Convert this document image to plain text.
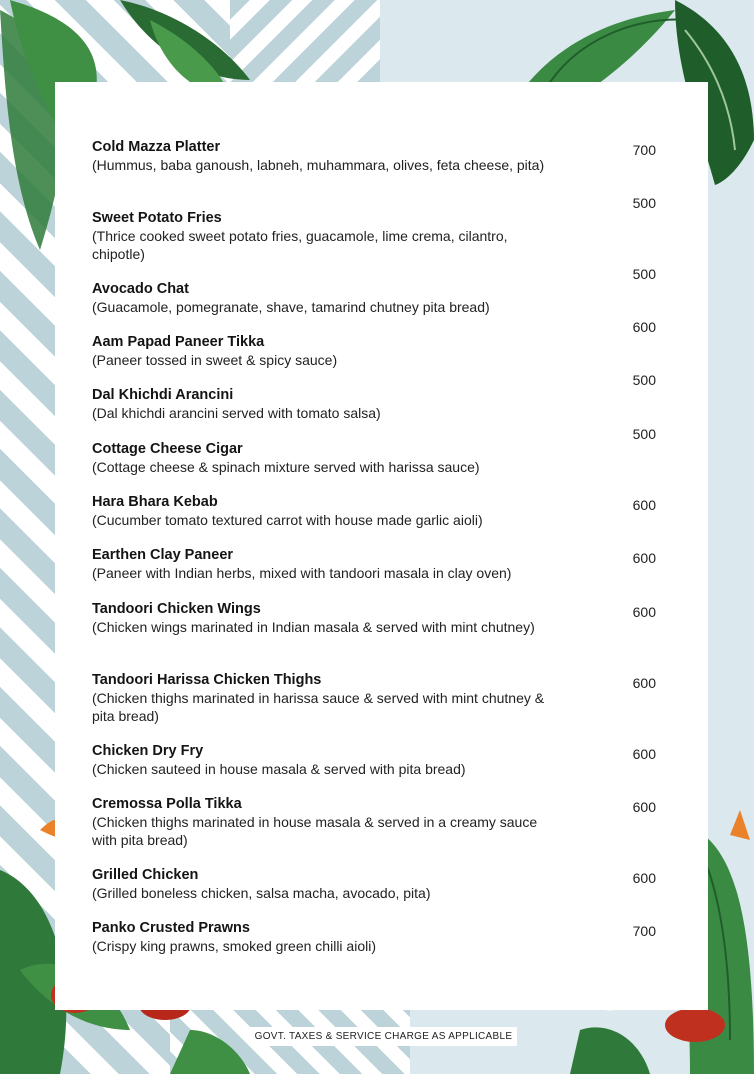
Cold Mazza Platter
(Hummus, baba ganoush, labneh, muhammara, olives, feta cheese, pita)
700
Sweet Potato Fries
(Thrice cooked sweet potato fries, guacamole, lime crema, cilantro, chipotle)
500
Avocado Chat
(Guacamole, pomegranate, shave, tamarind chutney pita bread)
500
Aam Papad Paneer Tikka
(Paneer tossed in sweet & spicy sauce)
600
Dal Khichdi Arancini
(Dal khichdi arancini served with tomato salsa)
500
Cottage Cheese Cigar
(Cottage cheese & spinach mixture served with harissa sauce)
500
Hara Bhara Kebab
(Cucumber tomato textured carrot with house made garlic aioli)
600
Earthen Clay Paneer
(Paneer with Indian herbs, mixed with tandoori masala in clay oven)
600
Tandoori Chicken Wings
(Chicken wings marinated in Indian masala & served with mint chutney)
600
Tandoori Harissa Chicken Thighs
(Chicken thighs marinated in harissa sauce & served with mint chutney & pita bread)
600
Chicken Dry Fry
(Chicken sauteed in house masala & served with pita bread)
600
Cremossa Polla Tikka
(Chicken thighs marinated in house masala & served in a creamy sauce with pita bread)
600
Grilled Chicken
(Grilled boneless chicken, salsa macha, avocado, pita)
600
Panko Crusted Prawns
(Crispy king prawns, smoked green chilli aioli)
700
GOVT. TAXES & SERVICE CHARGE AS APPLICABLE
